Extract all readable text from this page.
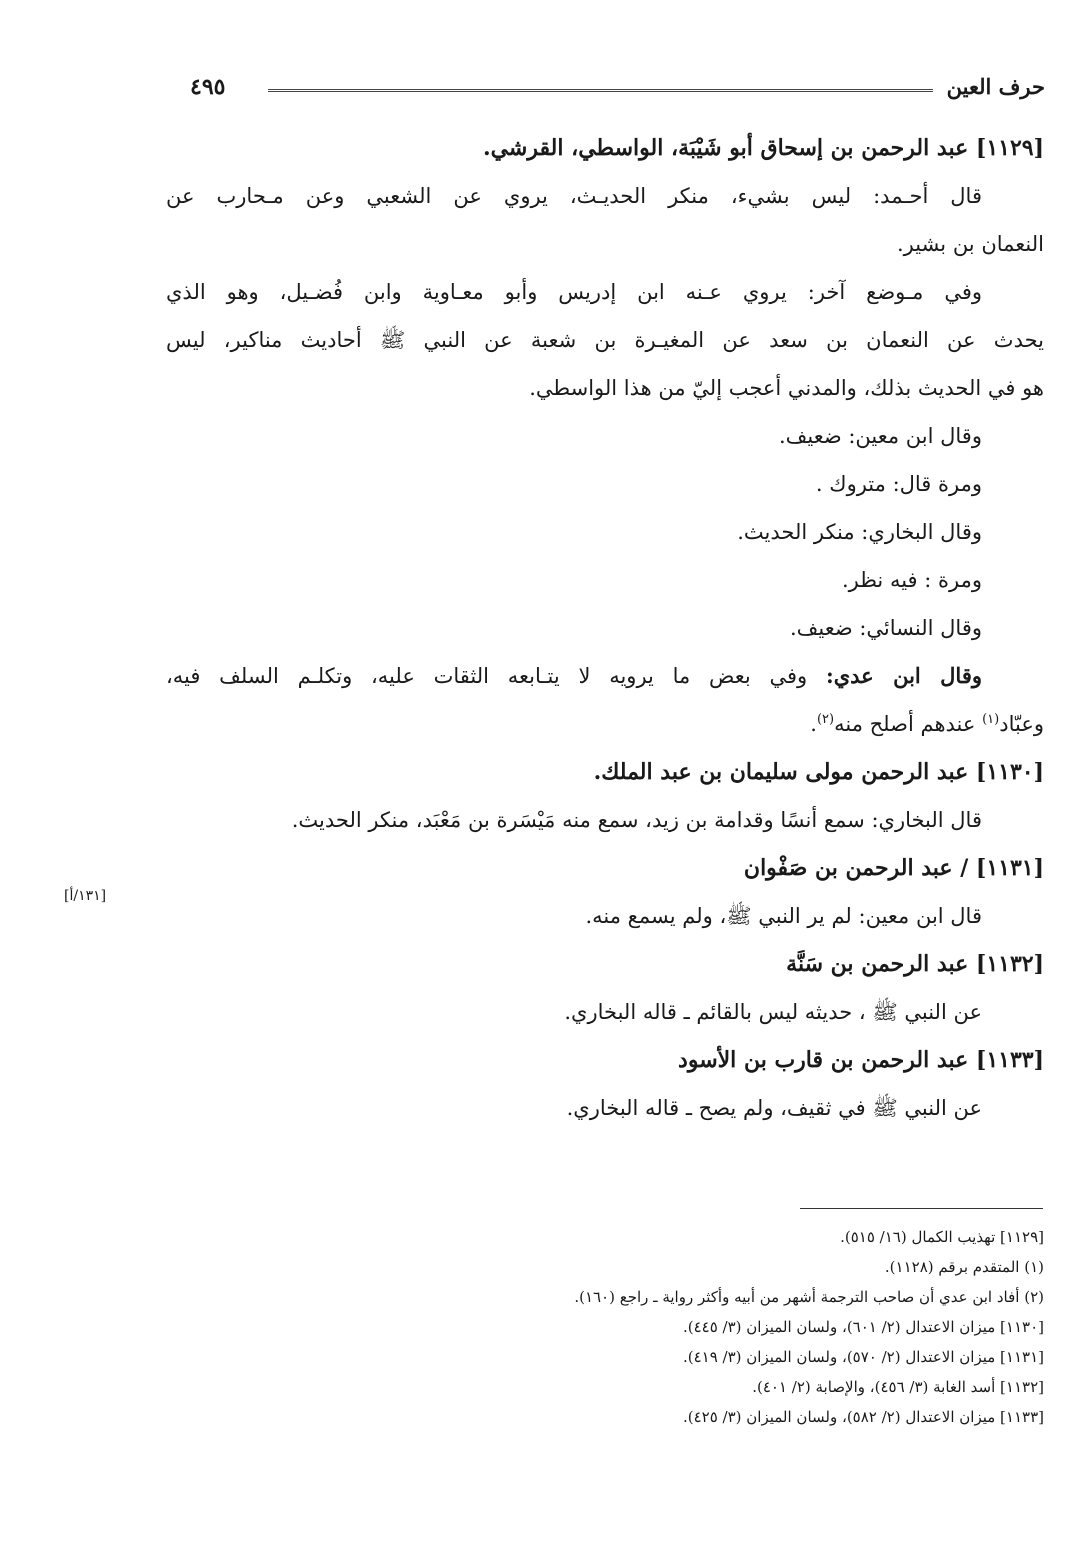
حرف العين
٤٩٥
[١٣١/أ]
[١١٢٩] عبد الرحمن بن إسحاق أبو شَيْبَة، الواسطي، القرشي.
قال أحـمد: ليس بشيء، منكر الحديـث، يروي عن الشعبي وعن مـحارب عن
النعمان بن بشير.
وفي مـوضع آخر: يروي عـنه ابن إدريس وأبو معـاوية وابن فُضـيل، وهو الذي
يحدث عن النعمان بن سعد عن المغيـرة بن شعبة عن النبي ﷺ أحاديث مناكير، ليس
هو في الحديث بذلك، والمدني أعجب إليّ من هذا الواسطي.
وقال ابن معين: ضعيف.
ومرة قال: متروك .
وقال البخاري: منكر الحديث.
ومرة : فيه نظر.
وقال النسائي: ضعيف.
وقال ابن عدي: وفي بعض ما يرويه لا يتـابعه الثقات عليه، وتكلـم السلف فيه،
وعبّاد$^{(١)}$ عندهم أصلح منه$^{(٢)}$.
[١١٣٠] عبد الرحمن مولى سليمان بن عبد الملك.
قال البخاري: سمع أنسًا وقدامة بن زيد، سمع منه مَيْسَرة بن مَعْبَد، منكر الحديث.
[١١٣١] / عبد الرحمن بن صَفْوان
قال ابن معين: لم ير النبي ﷺ، ولم يسمع منه.
[١١٣٢] عبد الرحمن بن سَنَّة
عن النبي ﷺ ، حديثه ليس بالقائم ـ قاله البخاري.
[١١٣٣] عبد الرحمن بن قارب بن الأسود
عن النبي ﷺ في ثقيف، ولم يصح ـ قاله البخاري.
[١١٢٩] تهذيب الكمال (١٦/ ٥١٥).
(١) المتقدم برقم (١١٢٨).
(٢) أفاد ابن عدي أن صاحب الترجمة أشهر من أبيه وأكثر رواية ـ راجع (١٦٠).
[١١٣٠] ميزان الاعتدال (٢/ ٦٠١)، ولسان الميزان (٣/ ٤٤٥).
[١١٣١] ميزان الاعتدال (٢/ ٥٧٠)، ولسان الميزان (٣/ ٤١٩).
[١١٣٢] أسد الغابة (٣/ ٤٥٦)، والإصابة (٢/ ٤٠١).
[١١٣٣] ميزان الاعتدال (٢/ ٥٨٢)، ولسان الميزان (٣/ ٤٢٥).
